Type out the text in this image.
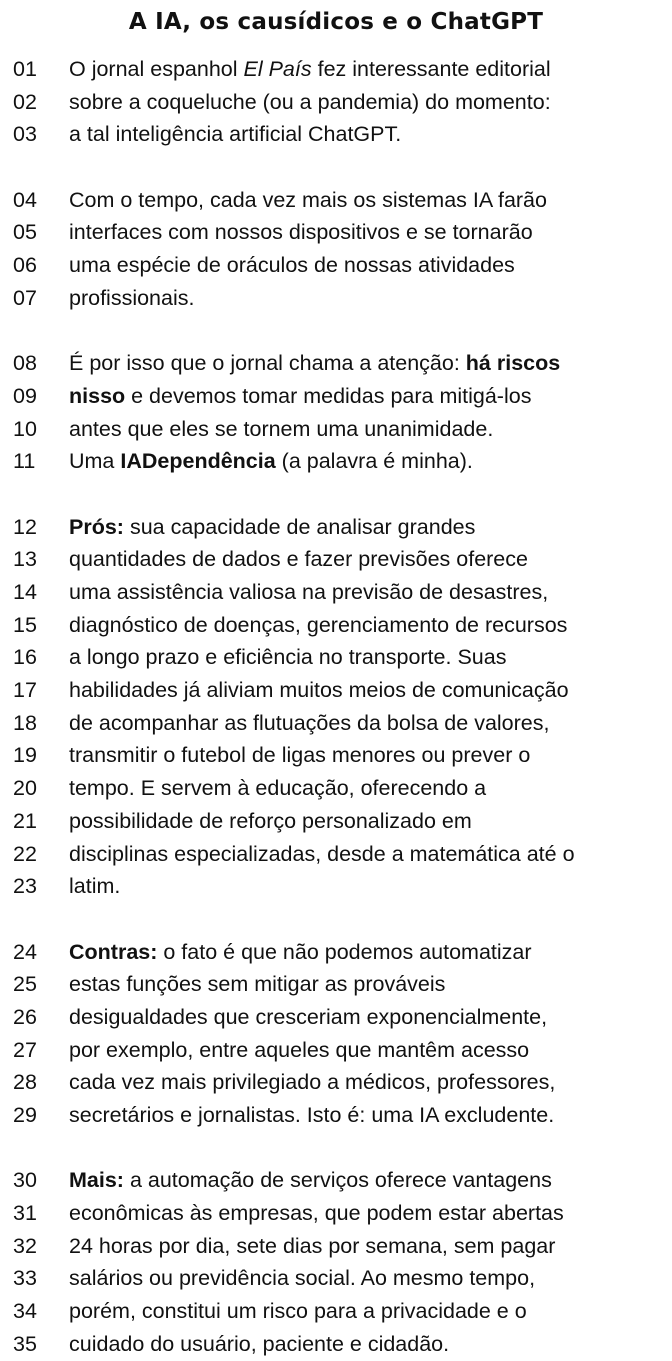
A IA, os causídicos e o ChatGPT
01	O jornal espanhol El País fez interessante editorial
02	sobre a coqueluche (ou a pandemia) do momento:
03	a tal inteligência artificial ChatGPT.
04	Com o tempo, cada vez mais os sistemas IA farão
05	interfaces com nossos dispositivos e se tornarão
06	uma espécie de oráculos de nossas atividades
07	profissionais.
08	É por isso que o jornal chama a atenção: há riscos
09	nisso e devemos tomar medidas para mitigá-los
10	antes que eles se tornem uma unanimidade.
11	Uma IADependência (a palavra é minha).
12	Prós: sua capacidade de analisar grandes
13	quantidades de dados e fazer previsões oferece
14	uma assistência valiosa na previsão de desastres,
15	diagnóstico de doenças, gerenciamento de recursos
16	a longo prazo e eficiência no transporte. Suas
17	habilidades já aliviam muitos meios de comunicação
18	de acompanhar as flutuações da bolsa de valores,
19	transmitir o futebol de ligas menores ou prever o
20	tempo. E servem à educação, oferecendo a
21	possibilidade de reforço personalizado em
22	disciplinas especializadas, desde a matemática até o
23	latim.
24	Contras: o fato é que não podemos automatizar
25	estas funções sem mitigar as prováveis
26	desigualdades que cresceriam exponencialmente,
27	por exemplo, entre aqueles que mantêm acesso
28	cada vez mais privilegiado a médicos, professores,
29	secretários e jornalistas. Isto é: uma IA excludente.
30	Mais: a automação de serviços oferece vantagens
31	econômicas às empresas, que podem estar abertas
32	24 horas por dia, sete dias por semana, sem pagar
33	salários ou previdência social. Ao mesmo tempo,
34	porém, constitui um risco para a privacidade e o
35	cuidado do usuário, paciente e cidadão.
